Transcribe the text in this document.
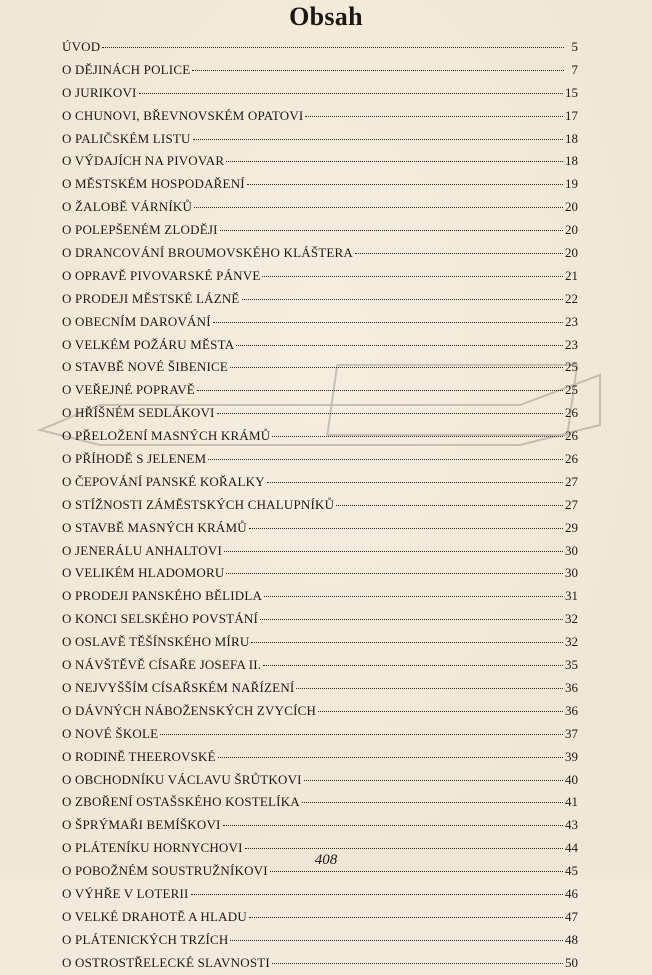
Obsah
ÚVOD	5
O DĚJINÁCH POLICE	7
O JURIKOVI	15
O CHUNOVI, BŘEVNOVSKÉM OPATOVI	17
O PALIČSKÉM LISTU	18
O VÝDAJÍCH NA PIVOVAR	18
O MĚSTSKÉM HOSPODAŘENÍ	19
O ŽALOBĚ VÁRNÍKŮ	20
O POLEPŠENÉM ZLODĚJI	20
O DRANCOVÁNÍ BROUMOVSKÉHO KLÁŠTERA	20
O OPRAVĚ PIVOVARSKÉ PÁNVE	21
O PRODEJI MĚSTSKÉ LÁZNĚ	22
O OBECNÍM DAROVÁNÍ	23
O VELKÉM POŽÁRU MĚSTA	23
O STAVBĚ NOVÉ ŠIBENICE	25
O VEŘEJNÉ POPRAVĚ	25
O HŘÍŠNÉM SEDLÁKOVI	26
O PŘELOŽENÍ MASNÝCH KRÁMŮ	26
O PŘÍHODĚ S JELENEM	26
O ČEPOVÁNÍ PANSKÉ KOŘALKY	27
O STÍŽNOSTI ZÁMĚSTSKÝCH CHALUPNÍKŮ	27
O STAVBĚ MASNÝCH KRÁMŮ	29
O JENERÁLU ANHALTOVI	30
O VELIKÉM HLADOMORU	30
O PRODEJI PANSKÉHO BĚLIDLA	31
O KONCI SELSKÉHO POVSTÁNÍ	32
O OSLAVĚ TĚŠÍNSKÉHO MÍRU	32
O NÁVŠTĚVĚ CÍSAŘE JOSEFA II.	35
O NEJVYŠŠÍM CÍSAŘSKÉM NAŘÍZENÍ	36
O DÁVNÝCH NÁBOŽENSKÝCH ZVYCÍCH	36
O NOVÉ ŠKOLE	37
O RODINĚ THEEROVSKÉ	39
O OBCHODNÍKU VÁCLAVU ŠRŮTKOVI	40
O ZBOŘENÍ OSTAŠSKÉHO KOSTELÍKA	41
O ŠPRÝMAŘI BEMÍŠKOVI	43
O PLÁTENÍKU HORNYCHOVI	44
O POBOŽNÉM SOUSTRUŽNÍKOVI	45
O VÝHŘE V LOTERII	46
O VELKÉ DRAHOTĚ A HLADU	47
O PLÁTENICKÝCH TRZÍCH	48
O OSTROSTŘELECKÉ SLAVNOSTI	50
408
